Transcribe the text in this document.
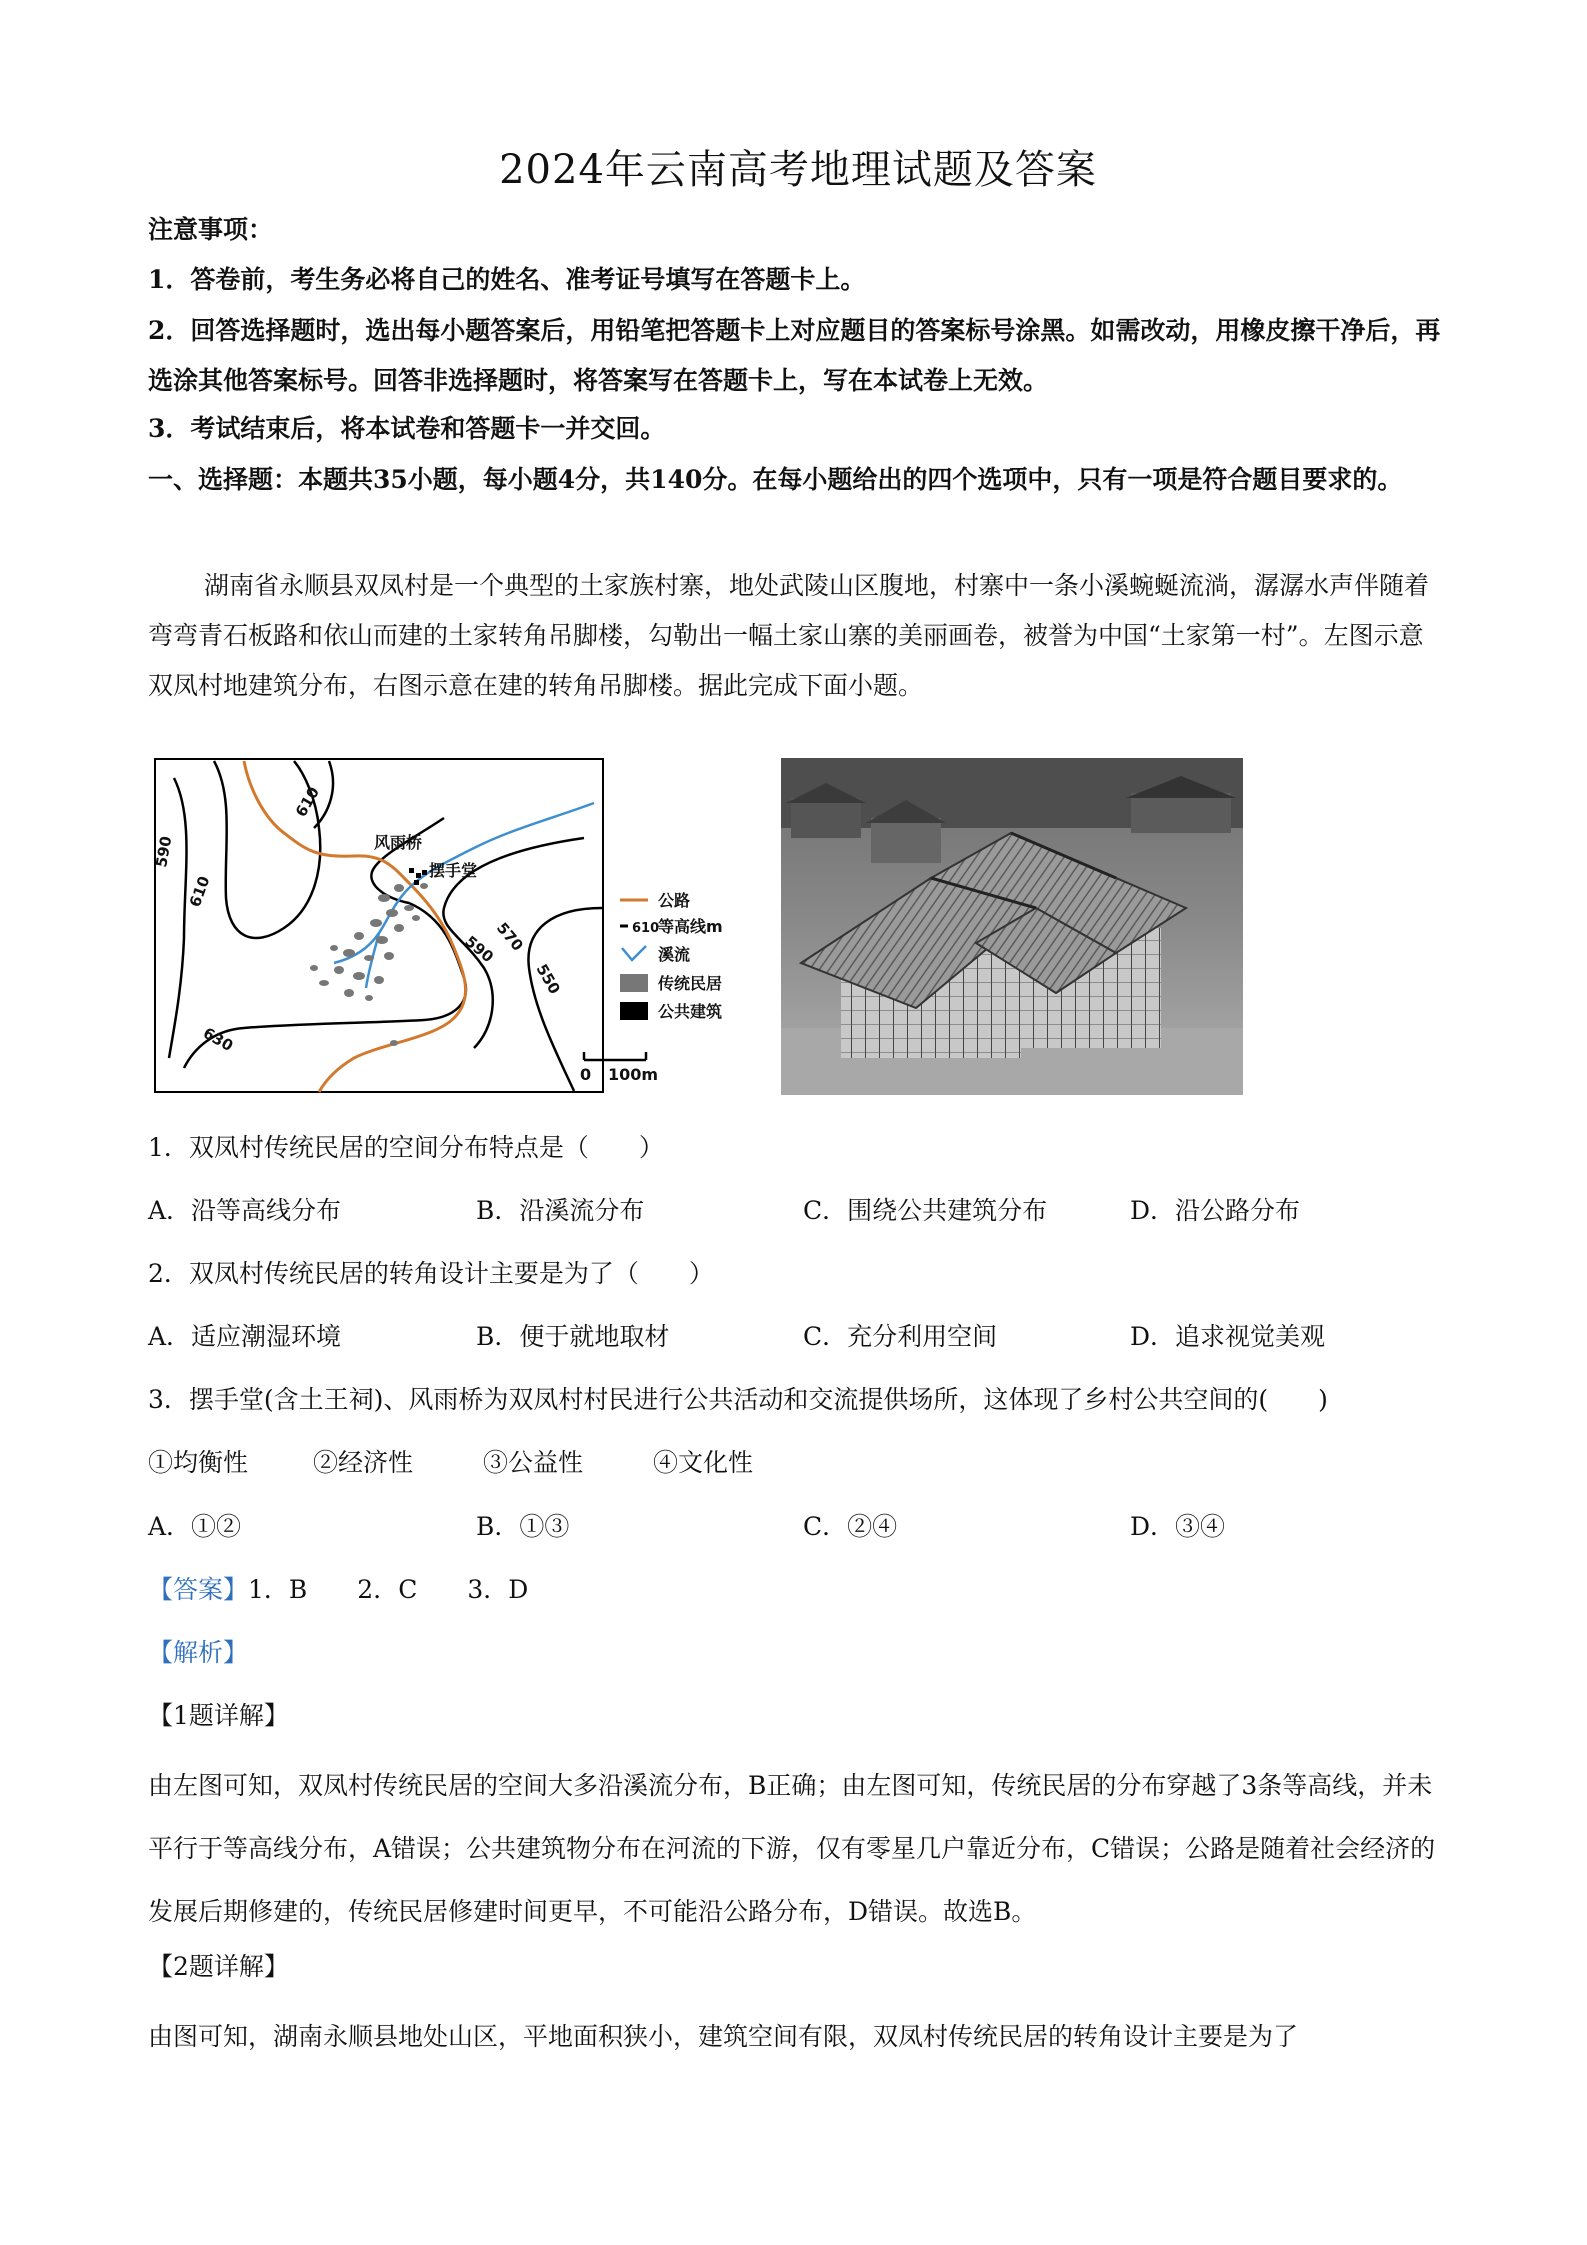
2024年云南高考地理试题及答案
注意事项：
1．答卷前，考生务必将自己的姓名、准考证号填写在答题卡上。
2．回答选择题时，选出每小题答案后，用铅笔把答题卡上对应题目的答案标号涂黑。如需改动，用橡皮擦干净后，再选涂其他答案标号。回答非选择题时，将答案写在答题卡上，写在本试卷上无效。
3．考试结束后，将本试卷和答题卡一并交回。
一、选择题：本题共35小题，每小题4分，共140分。在每小题给出的四个选项中，只有一项是符合题目要求的。
湖南省永顺县双凤村是一个典型的土家族村寨，地处武陵山区腹地，村寨中一条小溪蜿蜒流淌，潺潺水声伴随着弯弯青石板路和依山而建的土家转角吊脚楼，勾勒出一幅土家山寨的美丽画卷，被誉为中国“土家第一村”。左图示意双凤村地建筑分布，右图示意在建的转角吊脚楼。据此完成下面小题。
风雨桥
摆手堂
610
610
590
590
570
550
630
公路
610
等高线m
溪流
传统民居
公共建筑
0 100m
1．双凤村传统民居的空间分布特点是（　　）
A．沿等高线分布	B．沿溪流分布	C．围绕公共建筑分布	D．沿公路分布
2．双凤村传统民居的转角设计主要是为了（　　）
A．适应潮湿环境	B．便于就地取材	C．充分利用空间	D．追求视觉美观
3．摆手堂(含土王祠)、风雨桥为双凤村村民进行公共活动和交流提供场所，这体现了乡村公共空间的(　　)
①均衡性	②经济性	③公益性	④文化性
A．①②	B．①③	C．②④	D．③④
【答案】1．B　　2．C　　3．D
【解析】
【1题详解】
由左图可知，双凤村传统民居的空间大多沿溪流分布，B正确；由左图可知，传统民居的分布穿越了3条等高线，并未平行于等高线分布，A错误；公共建筑物分布在河流的下游，仅有零星几户靠近分布，C错误；公路是随着社会经济的发展后期修建的，传统民居修建时间更早，不可能沿公路分布，D错误。故选B。
【2题详解】
由图可知，湖南永顺县地处山区，平地面积狭小，建筑空间有限，双凤村传统民居的转角设计主要是为了
